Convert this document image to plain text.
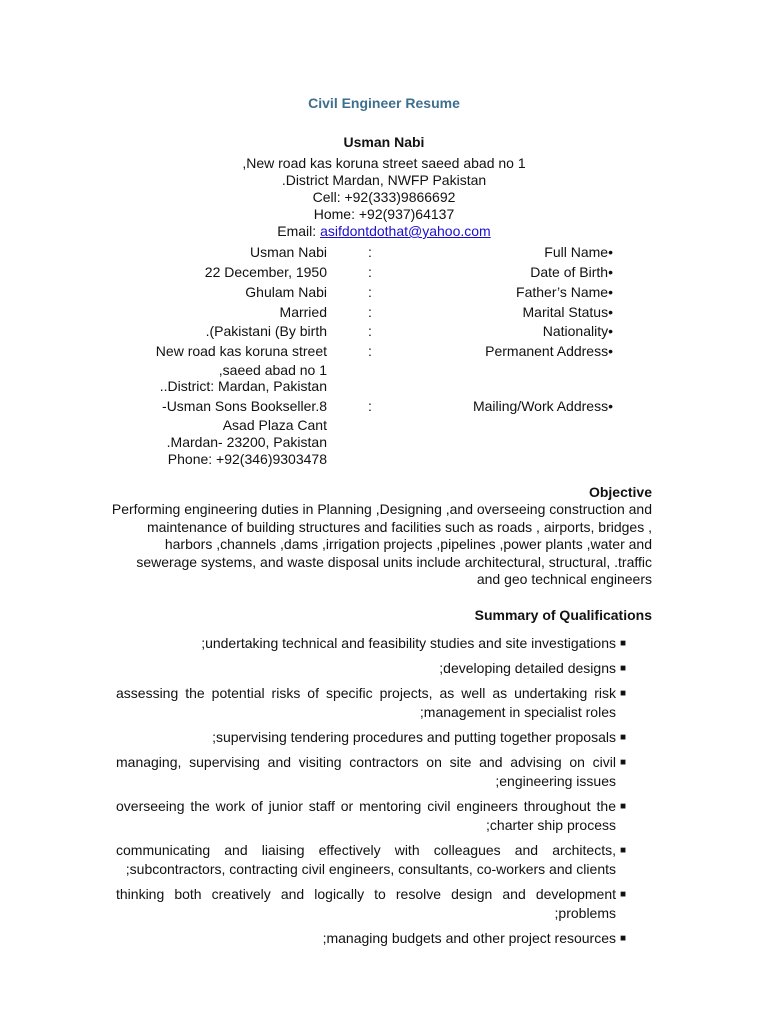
Civil Engineer Resume
Usman Nabi
,New road kas koruna street saeed abad no 1
.District Mardan, NWFP Pakistan
Cell: +92(333)9866692
Home: +92(937)64137
Email: asifdontdothat@yahoo.com
Usman Nabi	:	Full Name•
22 December, 1950	:	Date of Birth•
Ghulam Nabi	:	Father’s Name•
Married	:	Marital Status•
.(Pakistani (By birth	:	Nationality•
New road kas koruna street	:	Permanent Address•
,saeed abad no 1
..District: Mardan, Pakistan
-Usman Sons Bookseller.8	:	Mailing/Work Address•
Asad Plaza Cant
.Mardan- 23200, Pakistan
Phone: +92(346)9303478
Objective
Performing engineering duties in Planning ,Designing ,and overseeing construction and maintenance of building structures and facilities such as roads , airports, bridges , harbors ,channels ,dams ,irrigation projects ,pipelines ,power plants ,water and sewerage systems, and waste disposal units include architectural, structural, .traffic and geo technical engineers
Summary of Qualifications
;undertaking technical and feasibility studies and site investigations ■
;developing detailed designs ■
assessing the potential risks of specific projects, as well as undertaking risk ;management in specialist roles
■
;supervising tendering procedures and putting together proposals ■
managing, supervising and visiting contractors on site and advising on civil ;engineering issues
■
overseeing the work of junior staff or mentoring civil engineers throughout the ;charter ship process
■
communicating and liaising effectively with colleagues and architects, ;subcontractors, contracting civil engineers, consultants, co-workers and clients
■
thinking both creatively and logically to resolve design and development ;problems
■
;managing budgets and other project resources ■
